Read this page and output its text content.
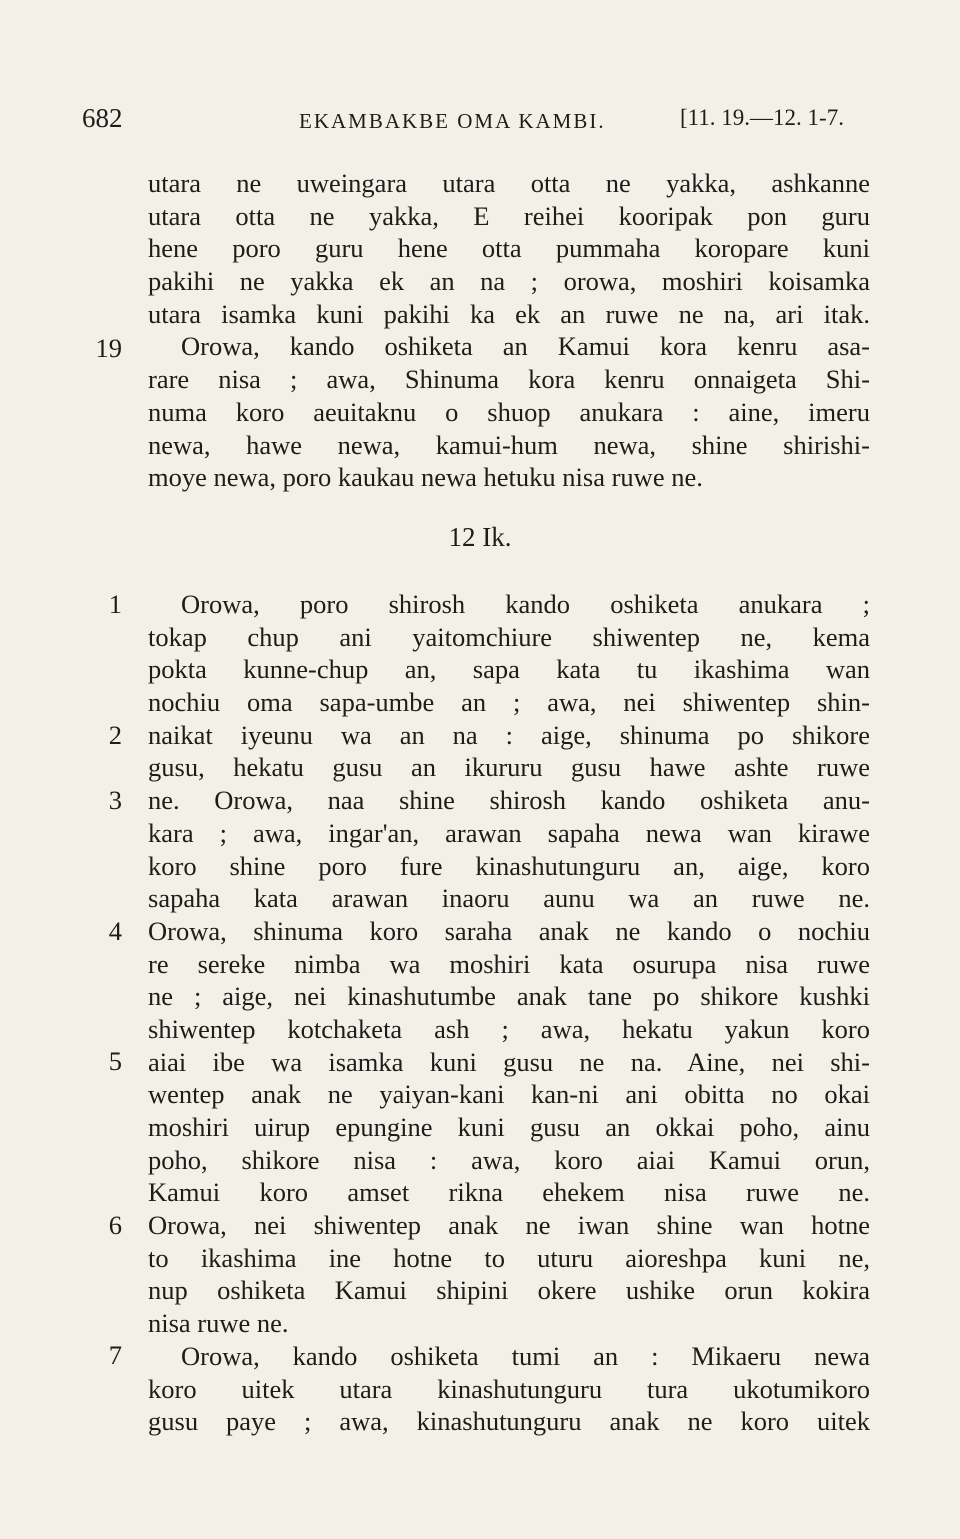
682	EKAMBAKBE OMA KAMBI.	[11. 19.—12. 1-7.
19
utara ne uweingara utara otta ne yakka, ashkanne
utara otta ne yakka, E reihei kooripak pon guru
hene poro guru hene otta pummaha koropare kuni
pakihi ne yakka ek an na ; orowa, moshiri koisamka
utara isamka kuni pakihi ka ek an ruwe ne na, ari itak.
Orowa, kando oshiketa an Kamui kora kenru asa-
rare nisa ; awa, Shinuma kora kenru onnaigeta Shi-
numa koro aeuitaknu o shuop anukara : aine, imeru
newa, hawe newa, kamui-hum newa, shine shirishi-
moye newa, poro kaukau newa hetuku nisa ruwe ne.
12 Ik.
1
2
3
4
5
6
7
Orowa, poro shirosh kando oshiketa anukara ;
tokap chup ani yaitomchiure shiwentep ne, kema
pokta kunne-chup an, sapa kata tu ikashima wan
nochiu oma sapa-umbe an ; awa, nei shiwentep shin-
naikat iyeunu wa an na : aige, shinuma po shikore
gusu, hekatu gusu an ikururu gusu hawe ashte ruwe
ne. Orowa, naa shine shirosh kando oshiketa anu-
kara ; awa, ingar'an, arawan sapaha newa wan kirawe
koro shine poro fure kinashutunguru an, aige, koro
sapaha kata arawan inaoru aunu wa an ruwe ne.
Orowa, shinuma koro saraha anak ne kando o nochiu
re sereke nimba wa moshiri kata osurupa nisa ruwe
ne ; aige, nei kinashutumbe anak tane po shikore kushki
shiwentep kotchaketa ash ; awa, hekatu yakun koro
aiai ibe wa isamka kuni gusu ne na. Aine, nei shi-
wentep anak ne yaiyan-kani kan-ni ani obitta no okai
moshiri uirup epungine kuni gusu an okkai poho, ainu
poho, shikore nisa : awa, koro aiai Kamui orun,
Kamui koro amset rikna ehekem nisa ruwe ne.
Orowa, nei shiwentep anak ne iwan shine wan hotne
to ikashima ine hotne to uturu aioreshpa kuni ne,
nup oshiketa Kamui shipini okere ushike orun kokira
nisa ruwe ne.
Orowa, kando oshiketa tumi an : Mikaeru newa
koro uitek utara kinashutunguru tura ukotumikoro
gusu paye ; awa, kinashutunguru anak ne koro uitek
